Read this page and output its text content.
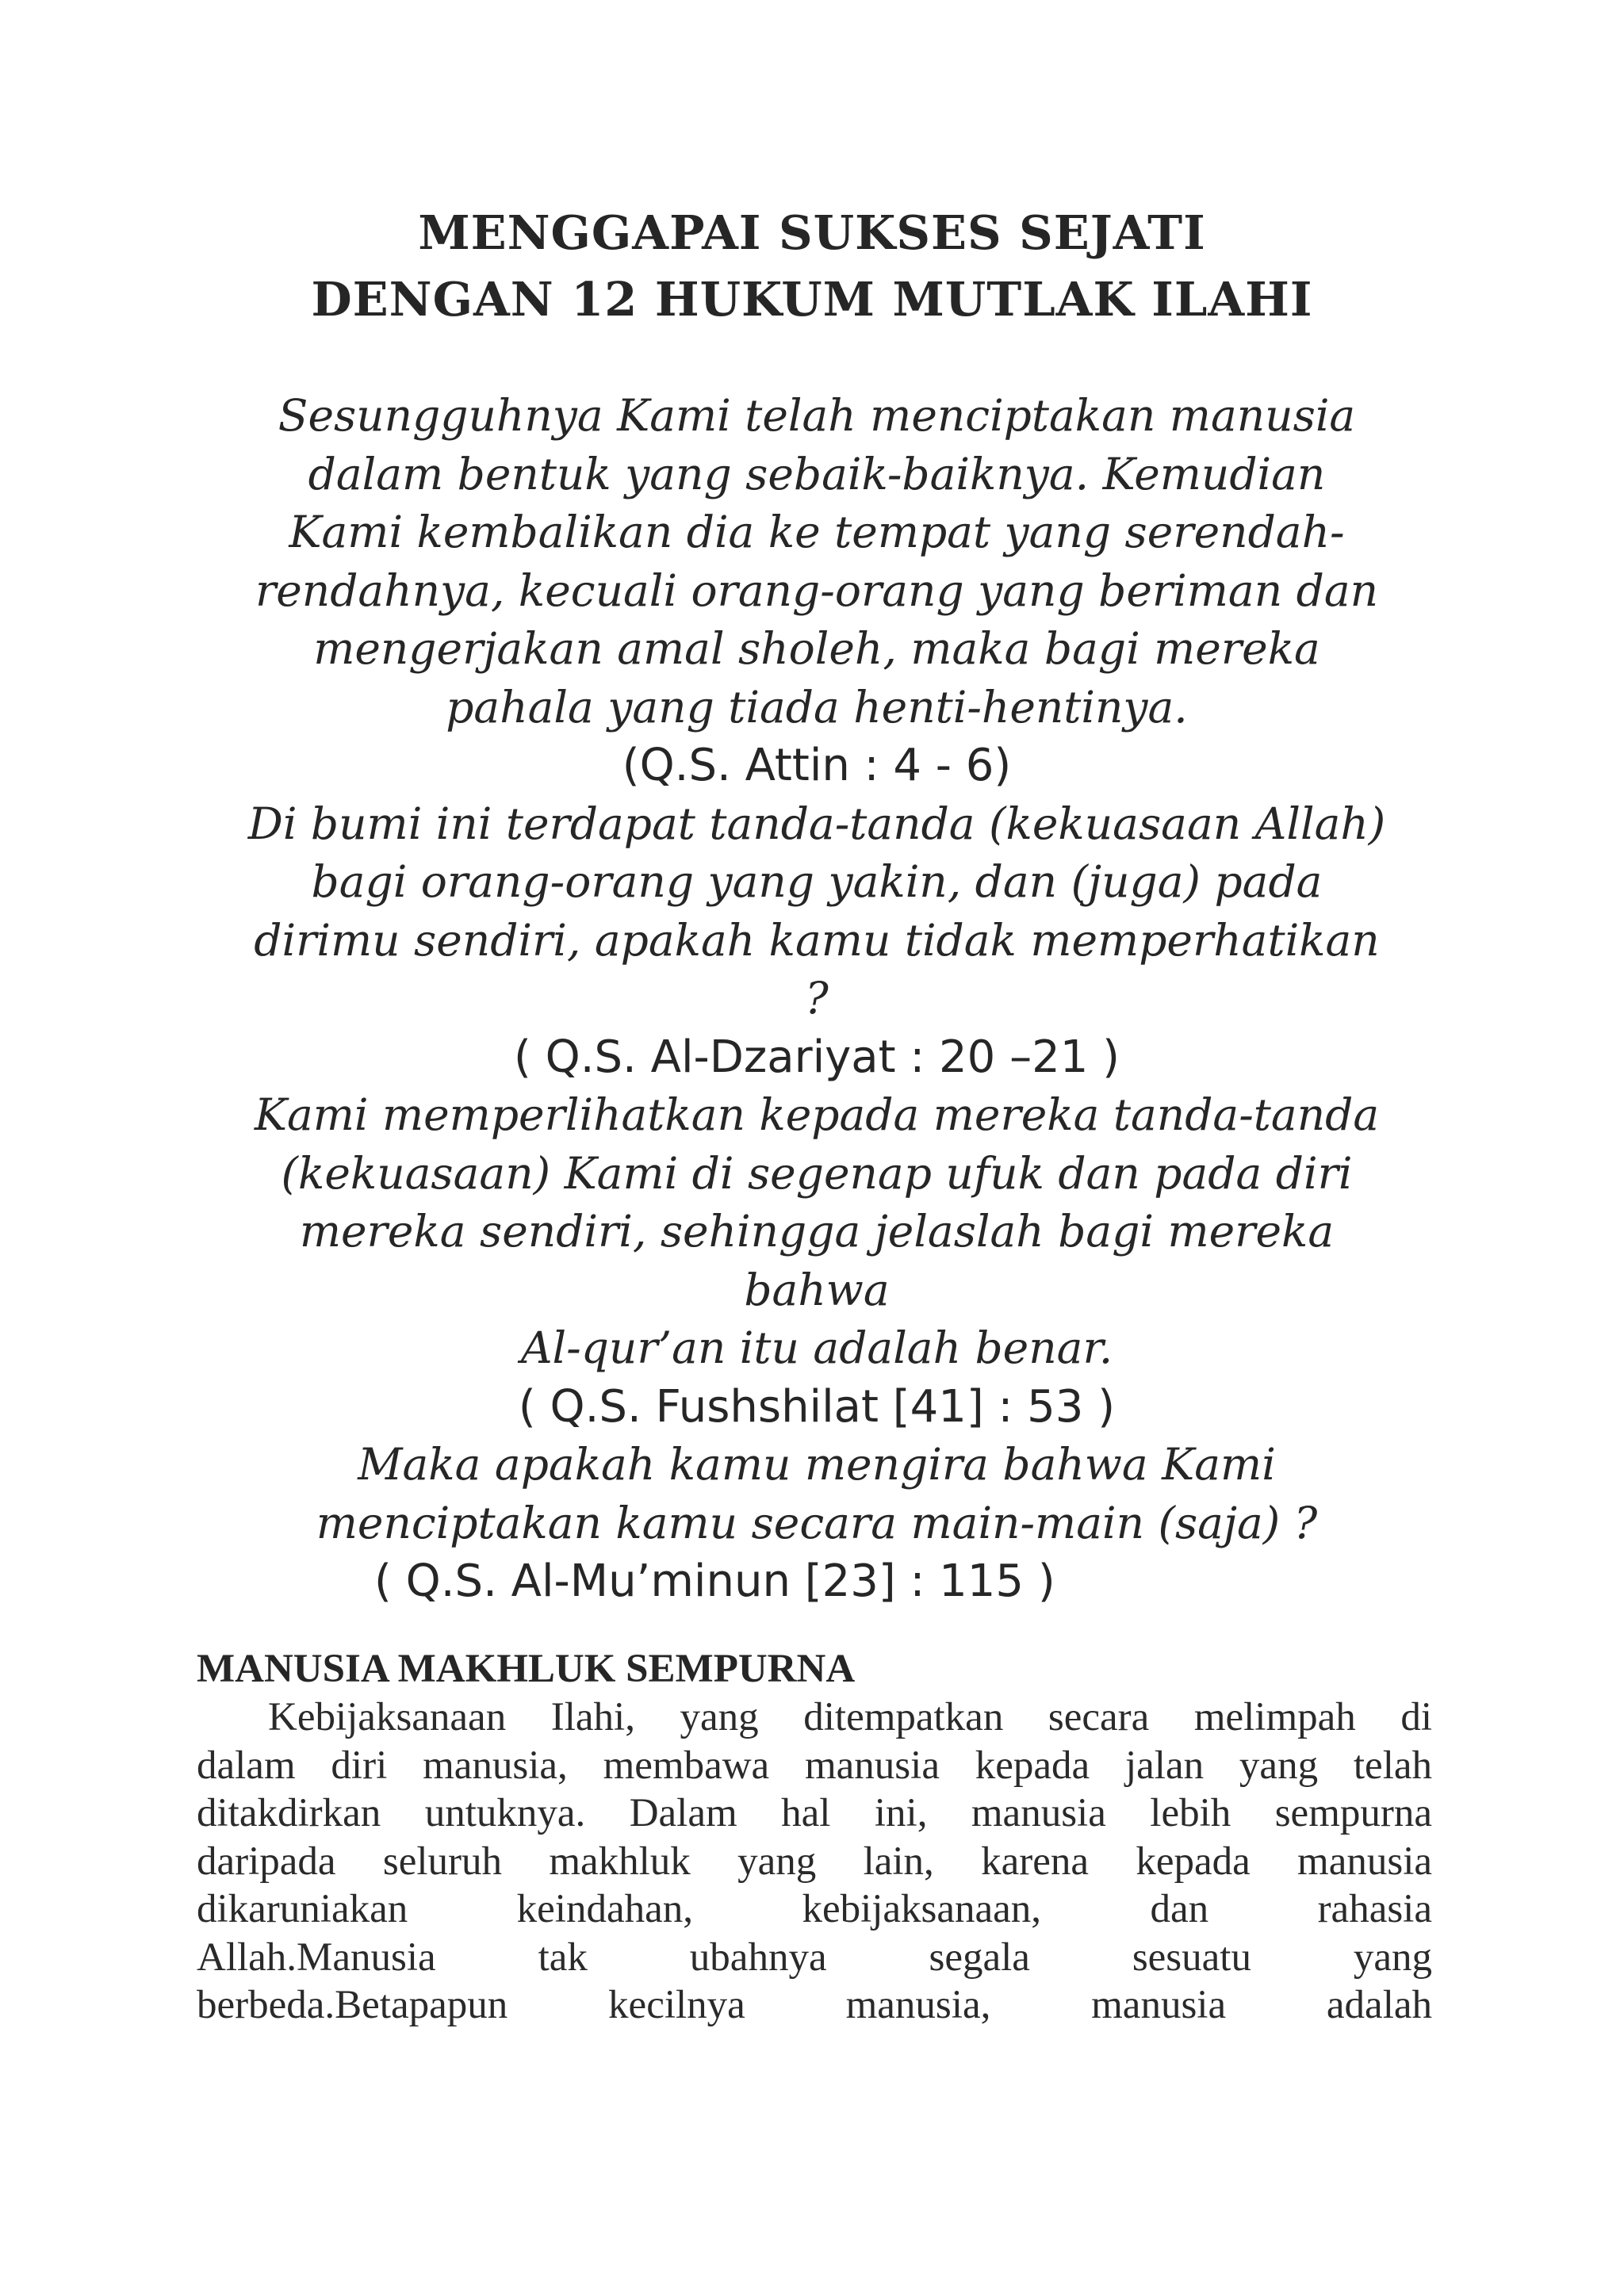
MENGGAPAI SUKSES SEJATI
DENGAN 12 HUKUM MUTLAK ILAHI
Sesungguhnya Kami telah menciptakan manusia
dalam bentuk yang sebaik-baiknya. Kemudian
Kami kembalikan dia ke tempat yang serendah-
rendahnya, kecuali orang-orang yang beriman dan
mengerjakan amal sholeh, maka bagi mereka
pahala yang tiada henti-hentinya.
(Q.S. Attin : 4 - 6)
Di bumi ini terdapat tanda-tanda (kekuasaan Allah)
bagi orang-orang yang yakin, dan (juga) pada
dirimu sendiri, apakah kamu tidak memperhatikan
?
( Q.S. Al-Dzariyat : 20 –21 )
Kami memperlihatkan kepada mereka tanda-tanda
(kekuasaan) Kami di segenap ufuk dan pada diri
mereka sendiri, sehingga jelaslah bagi mereka
bahwa
Al-qur’an itu adalah benar.
( Q.S. Fushshilat [41] : 53 )
Maka apakah kamu mengira bahwa Kami
menciptakan kamu secara main-main (saja) ?
( Q.S. Al-Mu’minun [23] : 115 )
MANUSIA MAKHLUK SEMPURNA
Kebijaksanaan Ilahi, yang ditempatkan secara melimpah di
dalam diri manusia, membawa manusia kepada jalan yang telah
ditakdirkan untuknya. Dalam hal ini, manusia lebih sempurna
daripada seluruh makhluk yang lain, karena kepada manusia
dikaruniakan keindahan, kebijaksanaan, dan rahasia
Allah.Manusia tak ubahnya segala sesuatu yang
berbeda.Betapapun kecilnya manusia, manusia adalah
